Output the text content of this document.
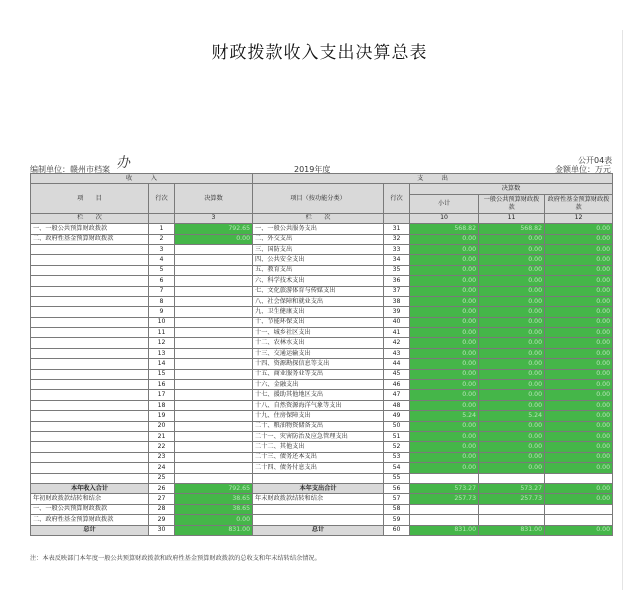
财政拨款收入支出决算总表
公开04表
编制单位：赣州市档案 办	2019年度	金额单位：万元
收　　　入			支　　　出				
项　　目	行次	决算数	项目（按功能分类）	行次	决算数		
					小计	一般公共预算财政拨款	政府性基金预算财政拨款
栏　　次		3	栏　　次		10	11	12
一、一般公共预算财政拨款	1	792.65	一、一般公共服务支出	31	568.82	568.82	0.00
二、政府性基金预算财政拨款	2	0.00	二、外交支出	32	0.00	0.00	0.00
	3		三、国防支出	33	0.00	0.00	0.00
	4		四、公共安全支出	34	0.00	0.00	0.00
	5		五、教育支出	35	0.00	0.00	0.00
	6		六、科学技术支出	36	0.00	0.00	0.00
	7		七、文化旅游体育与传媒支出	37	0.00	0.00	0.00
	8		八、社会保障和就业支出	38	0.00	0.00	0.00
	9		九、卫生健康支出	39	0.00	0.00	0.00
	10		十、节能环保支出	40	0.00	0.00	0.00
	11		十一、城乡社区支出	41	0.00	0.00	0.00
	12		十二、农林水支出	42	0.00	0.00	0.00
	13		十三、交通运输支出	43	0.00	0.00	0.00
	14		十四、资源勘探信息等支出	44	0.00	0.00	0.00
	15		十五、商业服务业等支出	45	0.00	0.00	0.00
	16		十六、金融支出	46	0.00	0.00	0.00
	17		十七、援助其他地区支出	47	0.00	0.00	0.00
	18		十八、自然资源海洋气象等支出	48	0.00	0.00	0.00
	19		十九、住房保障支出	49	5.24	5.24	0.00
	20		二十、粮油物资储备支出	50	0.00	0.00	0.00
	21		二十一、灾害防治及应急管理支出	51	0.00	0.00	0.00
	22		二十二、其他支出	52	0.00	0.00	0.00
	23		二十三、债务还本支出	53	0.00	0.00	0.00
	24		二十四、债务付息支出	54	0.00	0.00	0.00
	25			55			
本年收入合计	26	792.65	本年支出合计	56	573.27	573.27	0.00
年初财政拨款结转和结余	27	38.65	年末财政拨款结转和结余	57	257.73	257.73	0.00
一、一般公共预算财政拨款	28	38.65		58			
二、政府性基金预算财政拨款	29	0.00		59			
总计	30	831.00	总计	60	831.00	831.00	0.00
注：本表反映部门本年度一般公共预算财政拨款和政府性基金预算财政拨款的总收支和年末结转结余情况。
